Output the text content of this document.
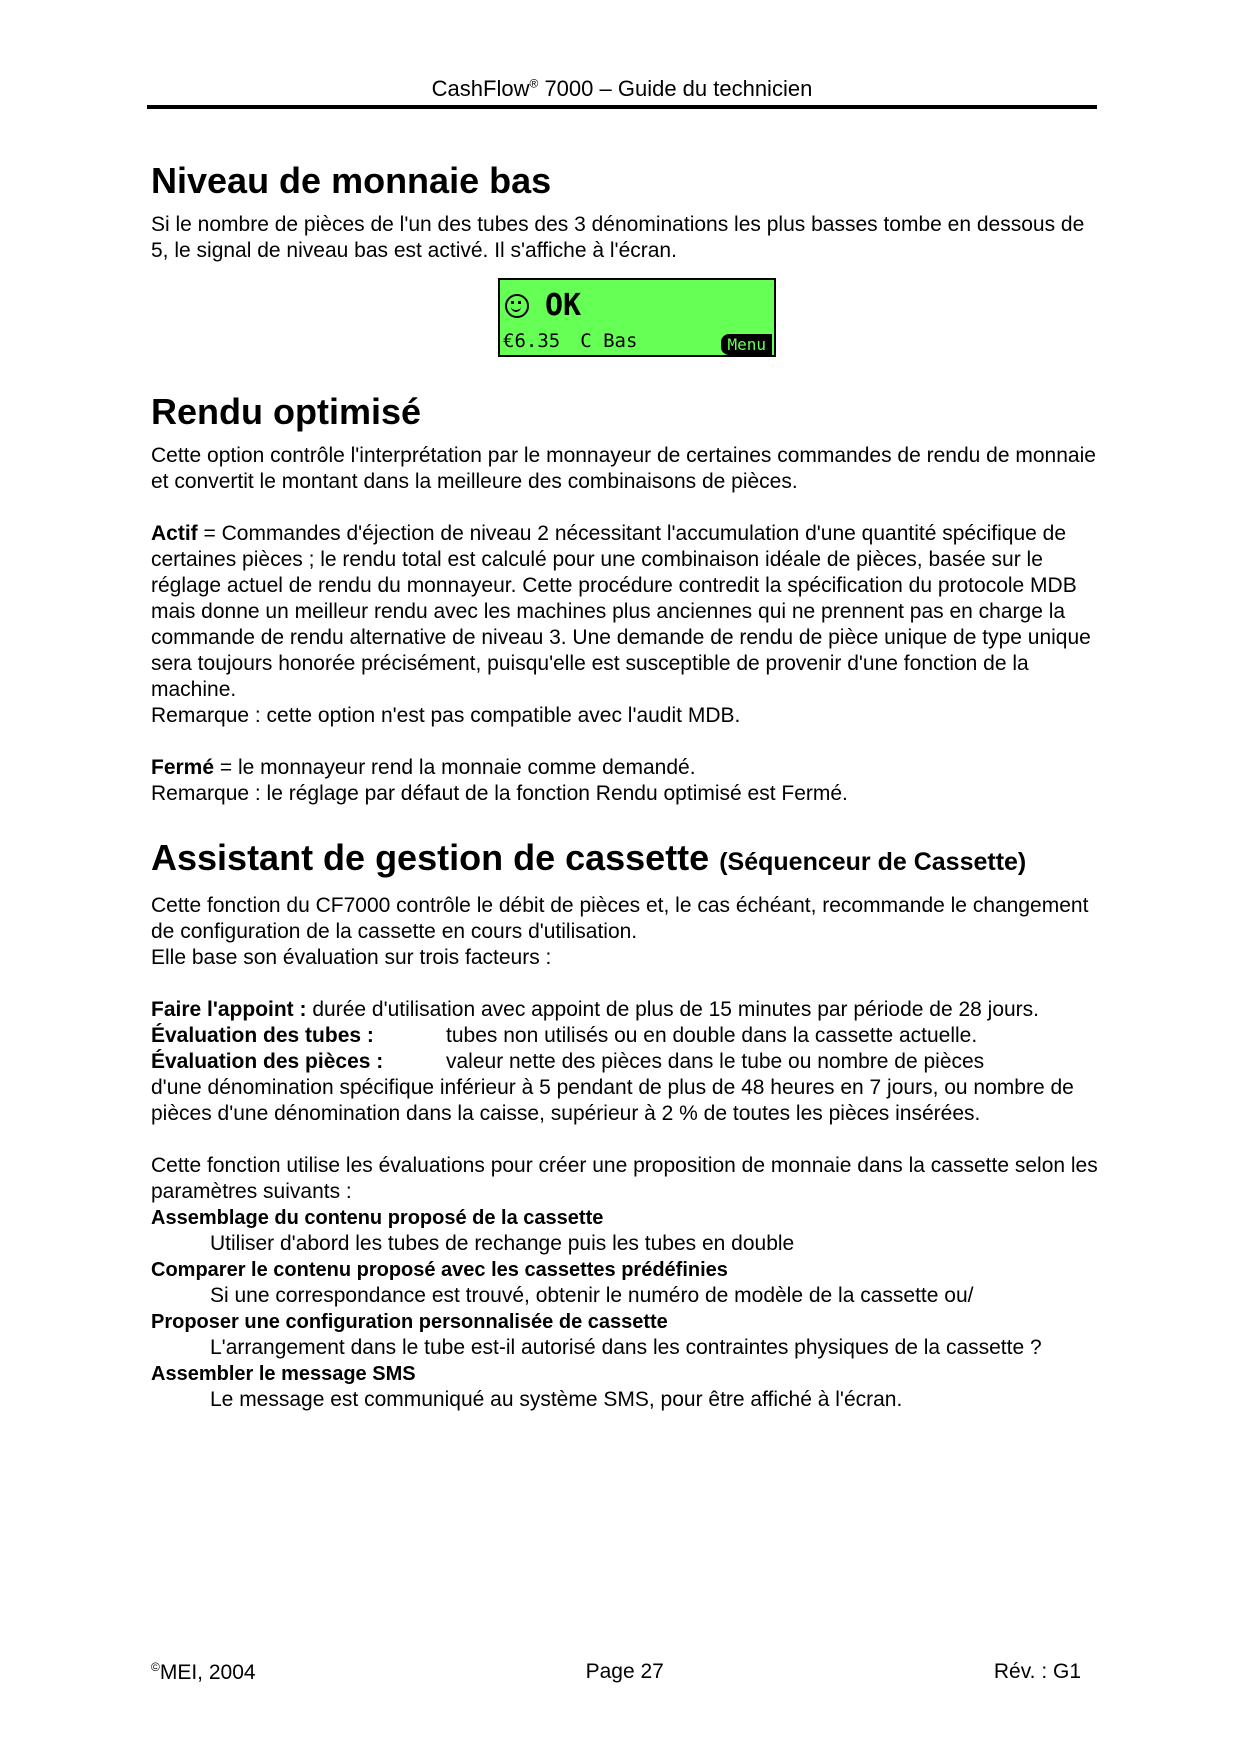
CashFlow® 7000 – Guide du technicien
Niveau de monnaie bas

Si le nombre de pièces de l'un des tubes des 3 dénominations les plus basses tombe en dessous de 5, le signal de niveau bas est activé. Il s'affiche à l'écran.

OK
€6.35 C Bas	Menu
Rendu optimisé

Cette option contrôle l'interprétation par le monnayeur de certaines commandes de rendu de monnaie et convertit le montant dans la meilleure des combinaisons de pièces.

Actif = Commandes d'éjection de niveau 2 nécessitant l'accumulation d'une quantité spécifique de certaines pièces ; le rendu total est calculé pour une combinaison idéale de pièces, basée sur le réglage actuel de rendu du monnayeur. Cette procédure contredit la spécification du protocole MDB mais donne un meilleur rendu avec les machines plus anciennes qui ne prennent pas en charge la commande de rendu alternative de niveau 3. Une demande de rendu de pièce unique de type unique sera toujours honorée précisément, puisqu'elle est susceptible de provenir d'une fonction de la machine.

Remarque : cette option n'est pas compatible avec l'audit MDB.

Fermé = le monnayeur rend la monnaie comme demandé.

Remarque : le réglage par défaut de la fonction Rendu optimisé est Fermé.

Assistant de gestion de cassette (Séquenceur de Cassette)

Cette fonction du CF7000 contrôle le débit de pièces et, le cas échéant, recommande le changement de configuration de la cassette en cours d'utilisation.

Elle base son évaluation sur trois facteurs :

Faire l'appoint : durée d'utilisation avec appoint de plus de 15 minutes par période de 28 jours.

Évaluation des tubes :	tubes non utilisés ou en double dans la cassette actuelle.
Évaluation des pièces :	valeur nette des pièces dans le tube ou nombre de pièces

d'une dénomination spécifique inférieur à 5 pendant de plus de 48 heures en 7 jours, ou nombre de pièces d'une dénomination dans la caisse, supérieur à 2 % de toutes les pièces insérées.

Cette fonction utilise les évaluations pour créer une proposition de monnaie dans la cassette selon les paramètres suivants :

Assemblage du contenu proposé de la cassette
Utiliser d'abord les tubes de rechange puis les tubes en double
Comparer le contenu proposé avec les cassettes prédéfinies
Si une correspondance est trouvé, obtenir le numéro de modèle de la cassette ou/
Proposer une configuration personnalisée de cassette
L'arrangement dans le tube est-il autorisé dans les contraintes physiques de la cassette ?
Assembler le message SMS
Le message est communiqué au système SMS, pour être affiché à l'écran.
©MEI, 2004	Page 27	Rév. : G1
